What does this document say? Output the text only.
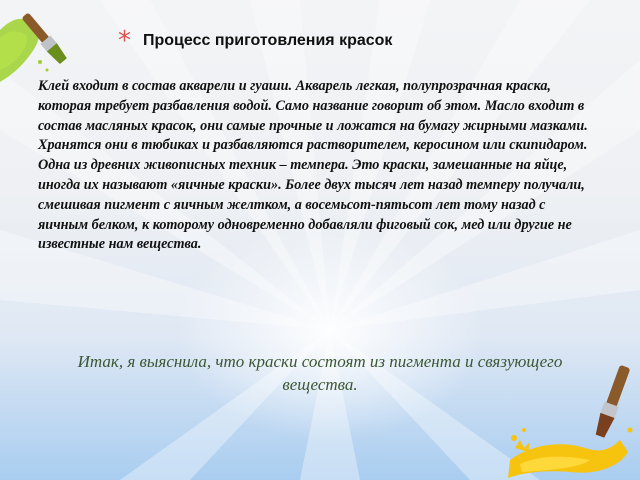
* Процесс приготовления красок
Клей входит в состав акварели и гуаши. Акварель легкая, полупрозрачная краска, которая требует разбавления водой. Само название говорит об этом. Масло входит в состав масляных красок, они самые прочные и ложатся на бумагу жирными мазками. Хранятся они в тюбиках и разбавляются растворителем, керосином или скипидаром. Одна из древних живописных техник – темпера. Это краски, замешанные на яйце, иногда их называют «яичные краски». Более двух тысяч лет назад темперу получали, смешивая пигмент с яичным желтком, а восемьсот-пятьсот лет тому назад с яичным белком, к которому одновременно добавляли фиговый сок, мед или другие не известные нам вещества.
Итак, я выяснила, что краски состоят из пигмента и связующего вещества.
